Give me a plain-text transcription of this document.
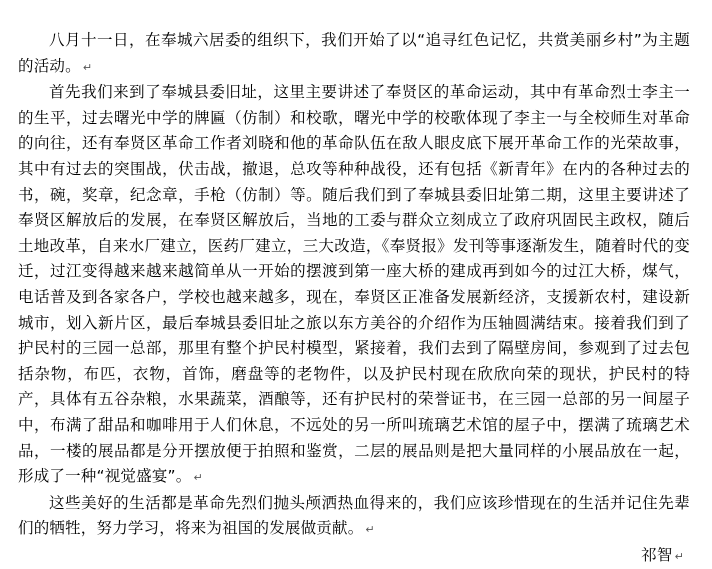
八月十一日，在奉城六居委的组织下，我们开始了以“追寻红色记忆，共赏美丽乡村”为主题的活动。 ↵

首先我们来到了奉城县委旧址，这里主要讲述了奉贤区的革命运动，其中有革命烈士李主一的生平，过去曙光中学的牌匾（仿制）和校歌，曙光中学的校歌体现了李主一与全校师生对革命的向往，还有奉贤区革命工作者刘晓和他的革命队伍在敌人眼皮底下展开革命工作的光荣故事，其中有过去的突围战，伏击战，撤退，总攻等种种战役，还有包括《新青年》在内的各种过去的书，碗，奖章，纪念章，手枪（仿制）等。随后我们到了奉城县委旧址第二期，这里主要讲述了奉贤区解放后的发展，在奉贤区解放后，当地的工委与群众立刻成立了政府巩固民主政权，随后土地改革，自来水厂建立，医药厂建立，三大改造，《奉贤报》发刊等事逐渐发生，随着时代的变迁，过江变得越来越来越简单从一开始的摆渡到第一座大桥的建成再到如今的过江大桥，煤气，电话普及到各家各户，学校也越来越多，现在，奉贤区正准备发展新经济，支援新农村，建设新城市，划入新片区，最后奉城县委旧址之旅以东方美谷的介绍作为压轴圆满结束。接着我们到了护民村的三园一总部，那里有整个护民村模型，紧接着，我们去到了隔壁房间，参观到了过去包括杂物，布匹，衣物，首饰，磨盘等的老物件，以及护民村现在欣欣向荣的现状，护民村的特产，具体有五谷杂粮，水果蔬菜，酒酿等，还有护民村的荣誉证书，在三园一总部的另一间屋子中，布满了甜品和咖啡用于人们休息，不远处的另一所叫琉璃艺术馆的屋子中，摆满了琉璃艺术品，一楼的展品都是分开摆放便于拍照和鉴赏，二层的展品则是把大量同样的小展品放在一起，形成了一种“视觉盛宴”。 ↵

这些美好的生活都是革命先烈们抛头颅洒热血得来的，我们应该珍惜现在的生活并记住先辈们的牺牲，努力学习，将来为祖国的发展做贡献。 ↵

祁智 ↵
